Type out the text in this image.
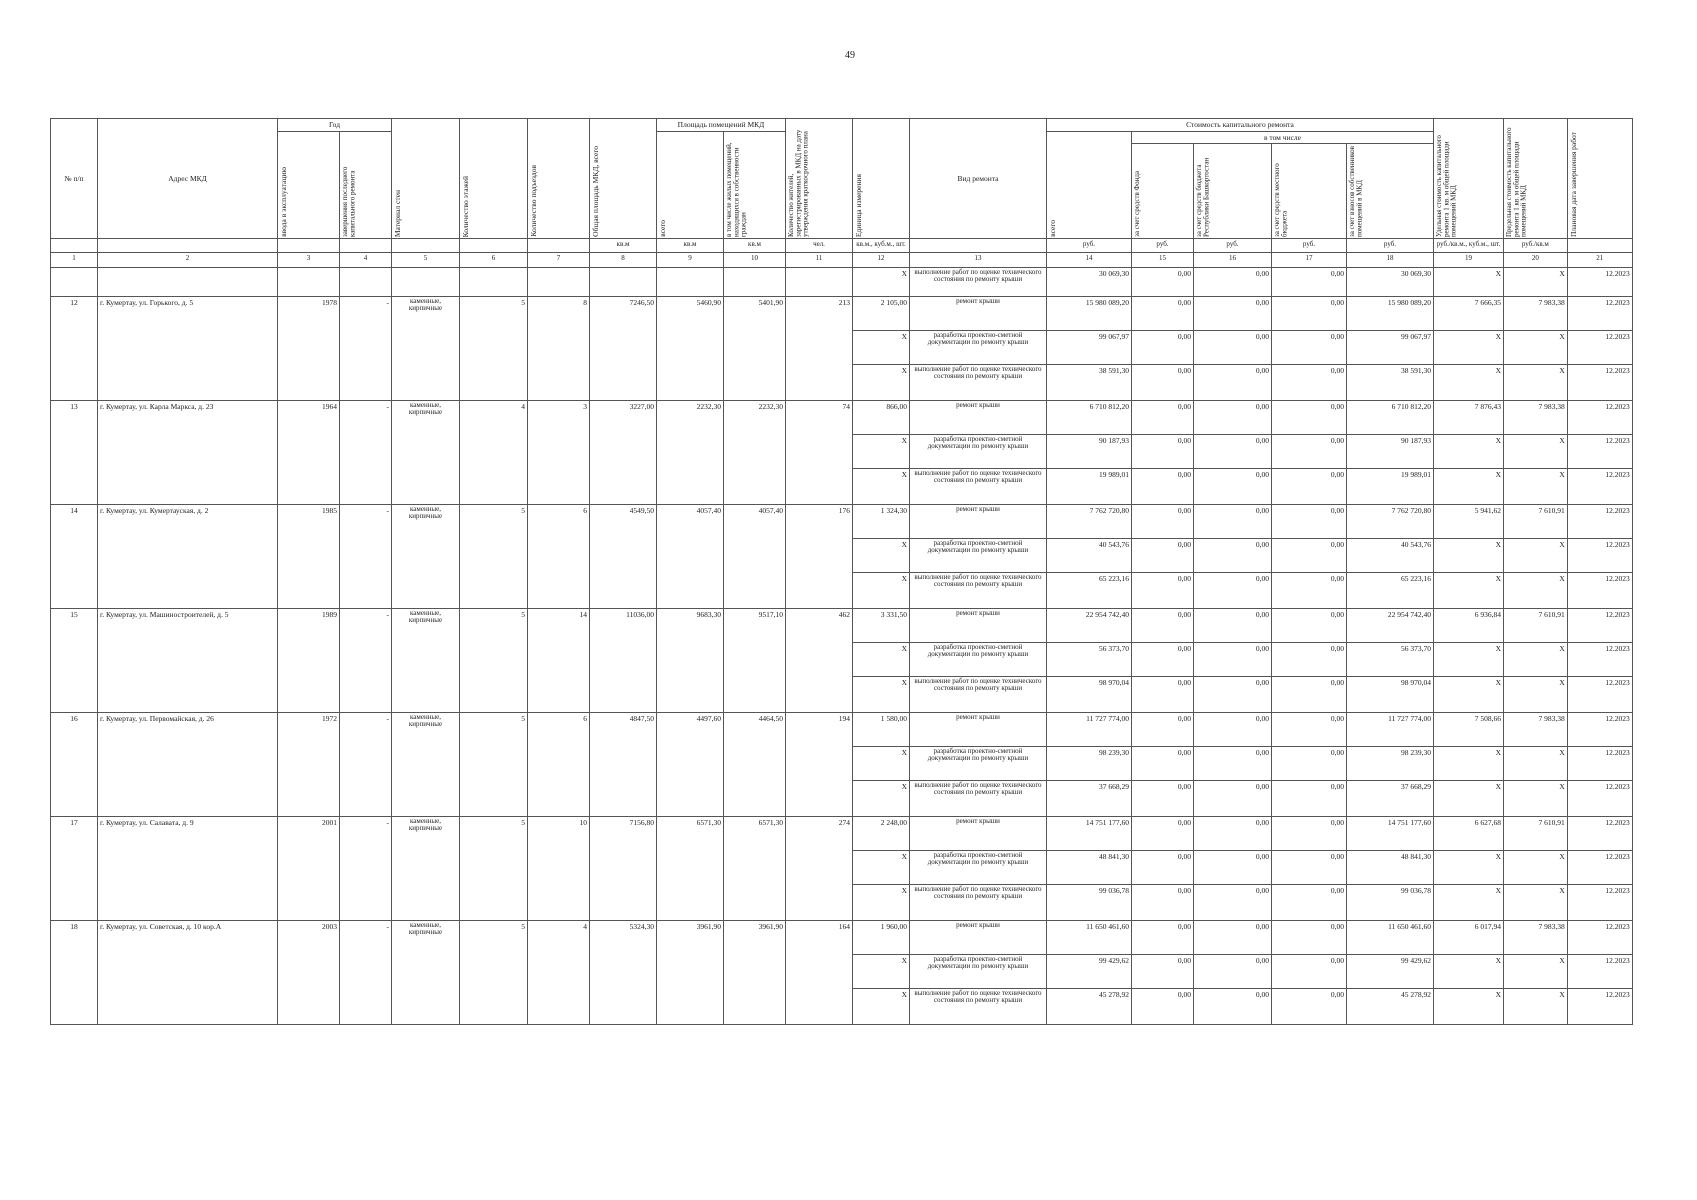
49
№ п/п	Адрес МКД	Год		Материал стен	Количество этажей	Количество подъездов	Общая площадь МКД, всего	Площадь помещений МКД		Количество жителей, зарегистрированных в МКД на дату утверждения краткосрочного плана	Единица измерения	Вид ремонта	Стоимость капитального ремонта					Удельная стоимость капитального ремонта 1 кв. м общей площади помещений МКД	Предельная стоимость капитального ремонта 1 кв. м общей площади помещений МКД	Плановая дата завершения работ

		ввода в эксплуатацию	завершения последнего капитального ремонта					всего	в том числе жилых помещений, находящихся в собственности граждан				всего	в том числе						

														за счет средств Фонда	за счет средств бюджета Республики Башкортостан	за счет средств местного бюджета	за счет взносов собственников помещений в МКД			

							кв.м	кв.м	кв.м	чел.	кв.м., куб.м., шт.		руб.	руб.	руб.	руб.	руб.	руб./кв.м., куб.м., шт.	руб./кв.м	
1	2	3	4	5	6	7	8	9	10	11	12	13	14	15	16	17	18	19	20	21
											X	выполнение работ по оценке технического состояния по ремонту крыши	30 069,30	0,00	0,00	0,00	30 069,30	X	X	12.2023
12	г. Кумертау, ул. Горького, д. 5	1978	-	каменные, кирпичные	5	8	7246,50	5460,90	5401,90	213	2 105,00	ремонт крыши	15 980 089,20	0,00	0,00	0,00	15 980 089,20	7 666,35	7 983,38	12.2023
											X	разработка проектно-сметной документации по ремонту крыши	99 067,97	0,00	0,00	0,00	99 067,97	X	X	12.2023
											X	выполнение работ по оценке технического состояния по ремонту крыши	38 591,30	0,00	0,00	0,00	38 591,30	X	X	12.2023
13	г. Кумертау, ул. Карла Маркса, д. 23	1964	-	каменные, кирпичные	4	3	3227,00	2232,30	2232,30	74	866,00	ремонт крыши	6 710 812,20	0,00	0,00	0,00	6 710 812,20	7 876,43	7 983,38	12.2023
											X	разработка проектно-сметной документации по ремонту крыши	90 187,93	0,00	0,00	0,00	90 187,93	X	X	12.2023
											X	выполнение работ по оценке технического состояния по ремонту крыши	19 989,01	0,00	0,00	0,00	19 989,01	X	X	12.2023
14	г. Кумертау, ул. Кумертауская, д. 2	1985	-	каменные, кирпичные	5	6	4549,50	4057,40	4057,40	176	1 324,30	ремонт крыши	7 762 720,80	0,00	0,00	0,00	7 762 720,80	5 941,62	7 610,91	12.2023
											X	разработка проектно-сметной документации по ремонту крыши	40 543,76	0,00	0,00	0,00	40 543,76	X	X	12.2023
											X	выполнение работ по оценке технического состояния по ремонту крыши	65 223,16	0,00	0,00	0,00	65 223,16	X	X	12.2023
15	г. Кумертау, ул. Машиностроителей, д. 5	1989	-	каменные, кирпичные	5	14	11036,00	9683,30	9517,10	462	3 331,50	ремонт крыши	22 954 742,40	0,00	0,00	0,00	22 954 742,40	6 936,84	7 610,91	12.2023
											X	разработка проектно-сметной документации по ремонту крыши	56 373,70	0,00	0,00	0,00	56 373,70	X	X	12.2023
											X	выполнение работ по оценке технического состояния по ремонту крыши	98 970,04	0,00	0,00	0,00	98 970,04	X	X	12.2023
16	г. Кумертау, ул. Первомайская, д. 26	1972	-	каменные, кирпичные	5	6	4847,50	4497,60	4464,50	194	1 580,00	ремонт крыши	11 727 774,00	0,00	0,00	0,00	11 727 774,00	7 508,66	7 983,38	12.2023
											X	разработка проектно-сметной документации по ремонту крыши	98 239,30	0,00	0,00	0,00	98 239,30	X	X	12.2023
											X	выполнение работ по оценке технического состояния по ремонту крыши	37 668,29	0,00	0,00	0,00	37 668,29	X	X	12.2023
17	г. Кумертау, ул. Салавата, д. 9	2001	-	каменные, кирпичные	5	10	7156,80	6571,30	6571,30	274	2 248,00	ремонт крыши	14 751 177,60	0,00	0,00	0,00	14 751 177,60	6 627,68	7 610,91	12.2023
											X	разработка проектно-сметной документации по ремонту крыши	48 841,30	0,00	0,00	0,00	48 841,30	X	X	12.2023
											X	выполнение работ по оценке технического состояния по ремонту крыши	99 036,78	0,00	0,00	0,00	99 036,78	X	X	12.2023
18	г. Кумертау, ул. Советская, д. 10 кор.А	2003	-	каменные, кирпичные	5	4	5324,30	3961,90	3961,90	164	1 960,00	ремонт крыши	11 650 461,60	0,00	0,00	0,00	11 650 461,60	6 017,94	7 983,38	12.2023
											X	разработка проектно-сметной документации по ремонту крыши	99 429,62	0,00	0,00	0,00	99 429,62	X	X	12.2023
											X	выполнение работ по оценке технического состояния по ремонту крыши	45 278,92	0,00	0,00	0,00	45 278,92	X	X	12.2023
